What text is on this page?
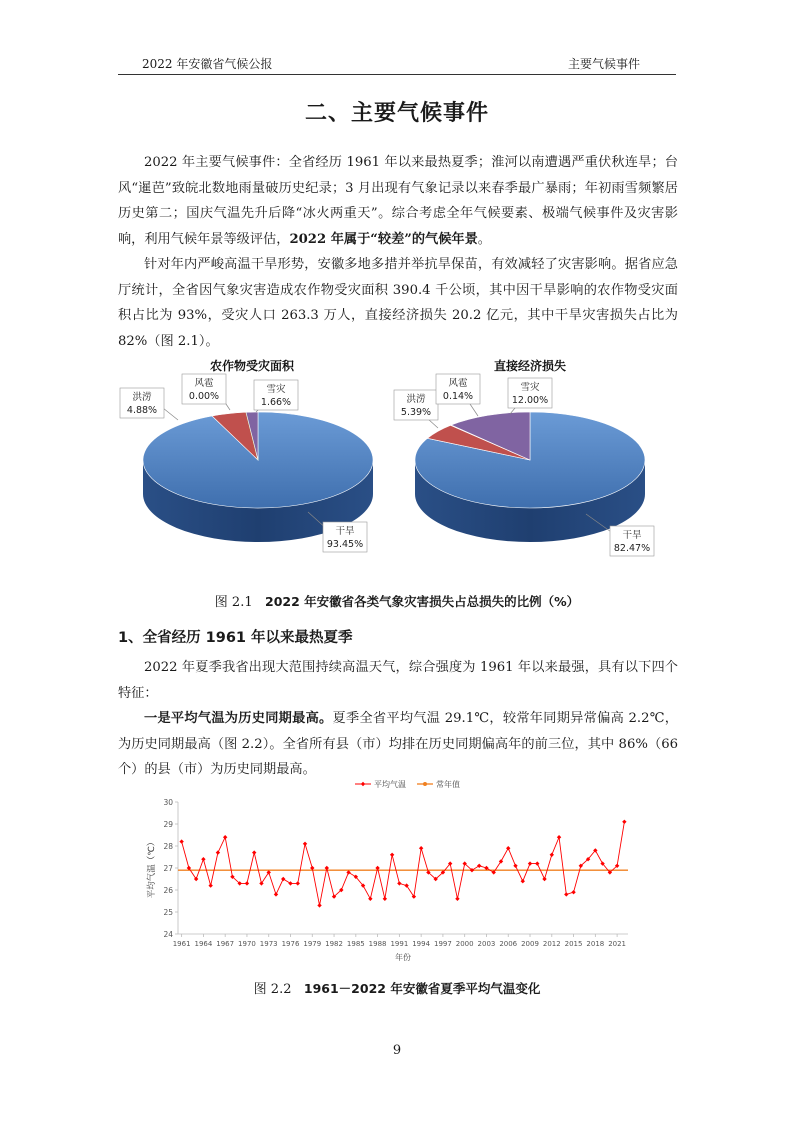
2022 年安徽省气候公报	主要气候事件
二、主要气候事件
2022 年主要气候事件：全省经历 1961 年以来最热夏季；淮河以南遭遇严重伏秋连旱；台风“暹芭”致皖北数地雨量破历史纪录；3 月出现有气象记录以来春季最广暴雨；年初雨雪频繁居历史第二；国庆气温先升后降“冰火两重天”。综合考虑全年气候要素、极端气候事件及灾害影响，利用气候年景等级评估，2022 年属于“较差”的气候年景。
针对年内严峻高温干旱形势，安徽多地多措并举抗旱保苗，有效减轻了灾害影响。据省应急厅统计，全省因气象灾害造成农作物受灾面积 390.4 千公顷，其中因干旱影响的农作物受灾面积占比为 93%，受灾人口 263.3 万人，直接经济损失 20.2 亿元，其中干旱灾害损失占比为 82%（图 2.1）。
农作物受灾面积
干旱
93.45%
洪涝
4.88%
风雹
0.00%
雪灾
1.66%
直接经济损失
干旱
82.47%
洪涝
5.39%
风雹
0.14%
雪灾
12.00%
图 2.1 2022 年安徽省各类气象灾害损失占总损失的比例（%）
1、全省经历 1961 年以来最热夏季
2022 年夏季我省出现大范围持续高温天气，综合强度为 1961 年以来最强，具有以下四个特征：
一是平均气温为历史同期最高。夏季全省平均气温 29.1℃，较常年同期异常偏高 2.2℃，为历史同期最高（图 2.2）。全省所有县（市）均排在历史同期偏高年的前三位，其中 86%（66 个）的县（市）为历史同期最高。
24
25
26
27
28
29
30
1961 1964 1967 1970 1973 1976 1979 1982 1985 1988 1991 1994 1997 2000 2003 2006 2009 2012 2015 2018 2021
年份
平均气温（℃）
平均气温	常年值
图 2.2 1961－2022 年安徽省夏季平均气温变化
9
